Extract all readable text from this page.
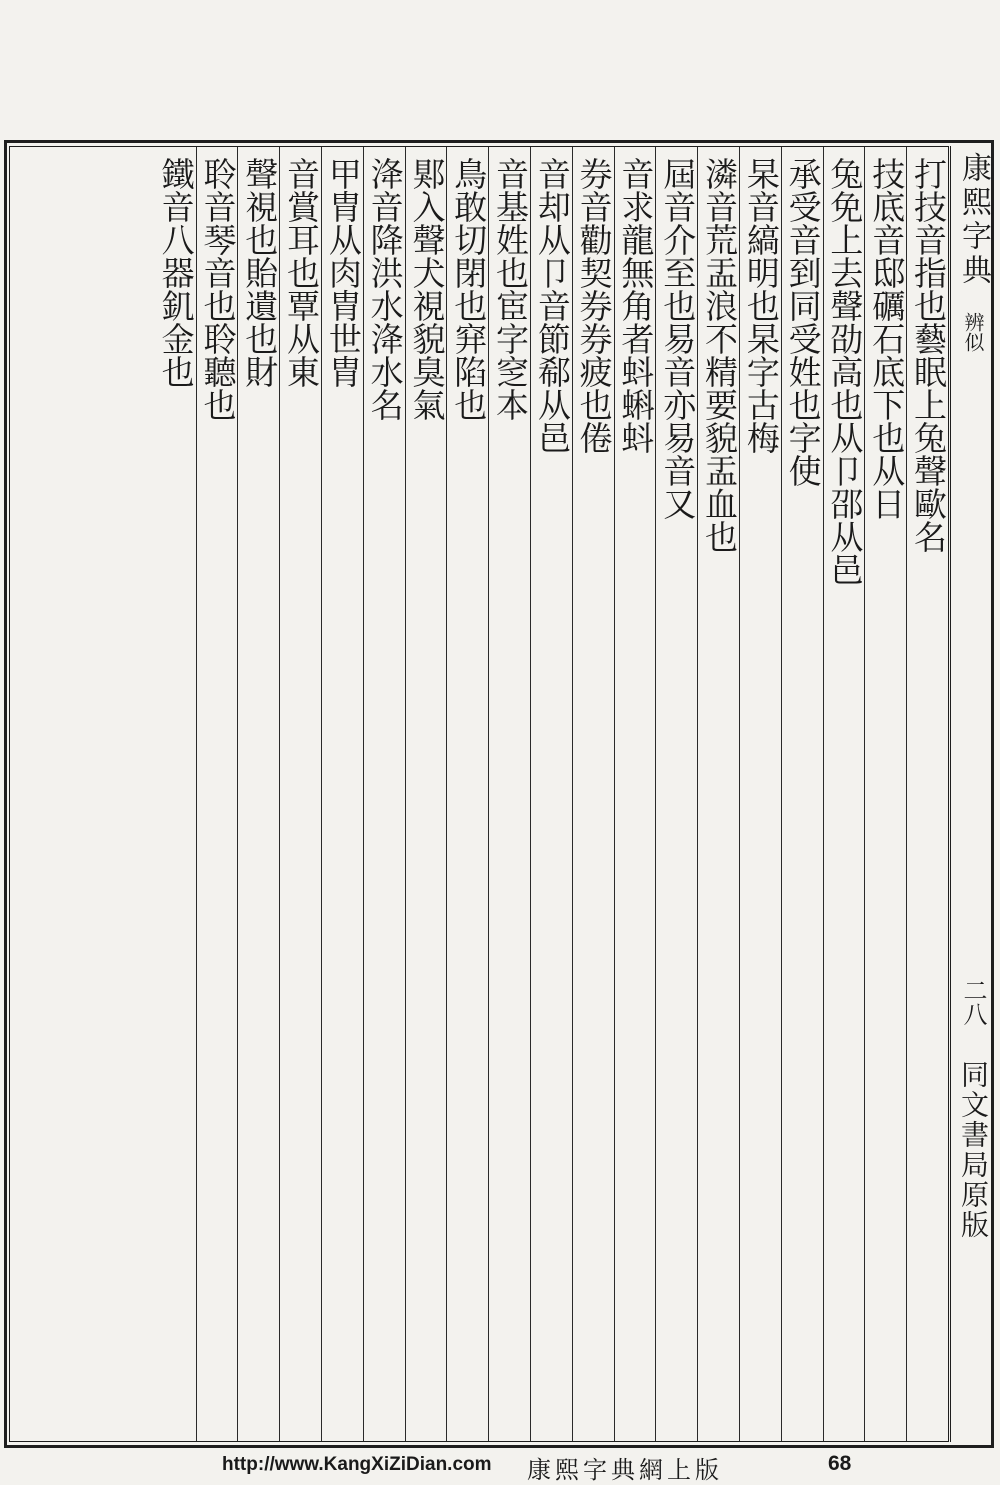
康熙字典
辨似
二八
同文書局原版
打技音指也藝眠上兔聲歐名
技底音邸礪石底下也从日
兔免上去聲劭高也从卩邵从邑
承受音到同受姓也字使
杲音縞明也杲字古梅
潾音荒盂浪不精要貌盂血也
屆音介至也易音亦易音又
音求龍無角者蚪蝌蚪
券音勸契券券疲也倦
音却从卩音節郗从邑
音基姓也宦字窆本
鳥敢切閉也穽陷也
郹入聲犬視貌臭氣
洚音降洪水洚水名
甲胄从肉胄世胄
音賞耳也覃从東
聲視也貽遺也財
聆音琴音也聆聽也
鐵音八器釠金也
http://www.KangXiZiDian.com 康熙字典網上版	68
